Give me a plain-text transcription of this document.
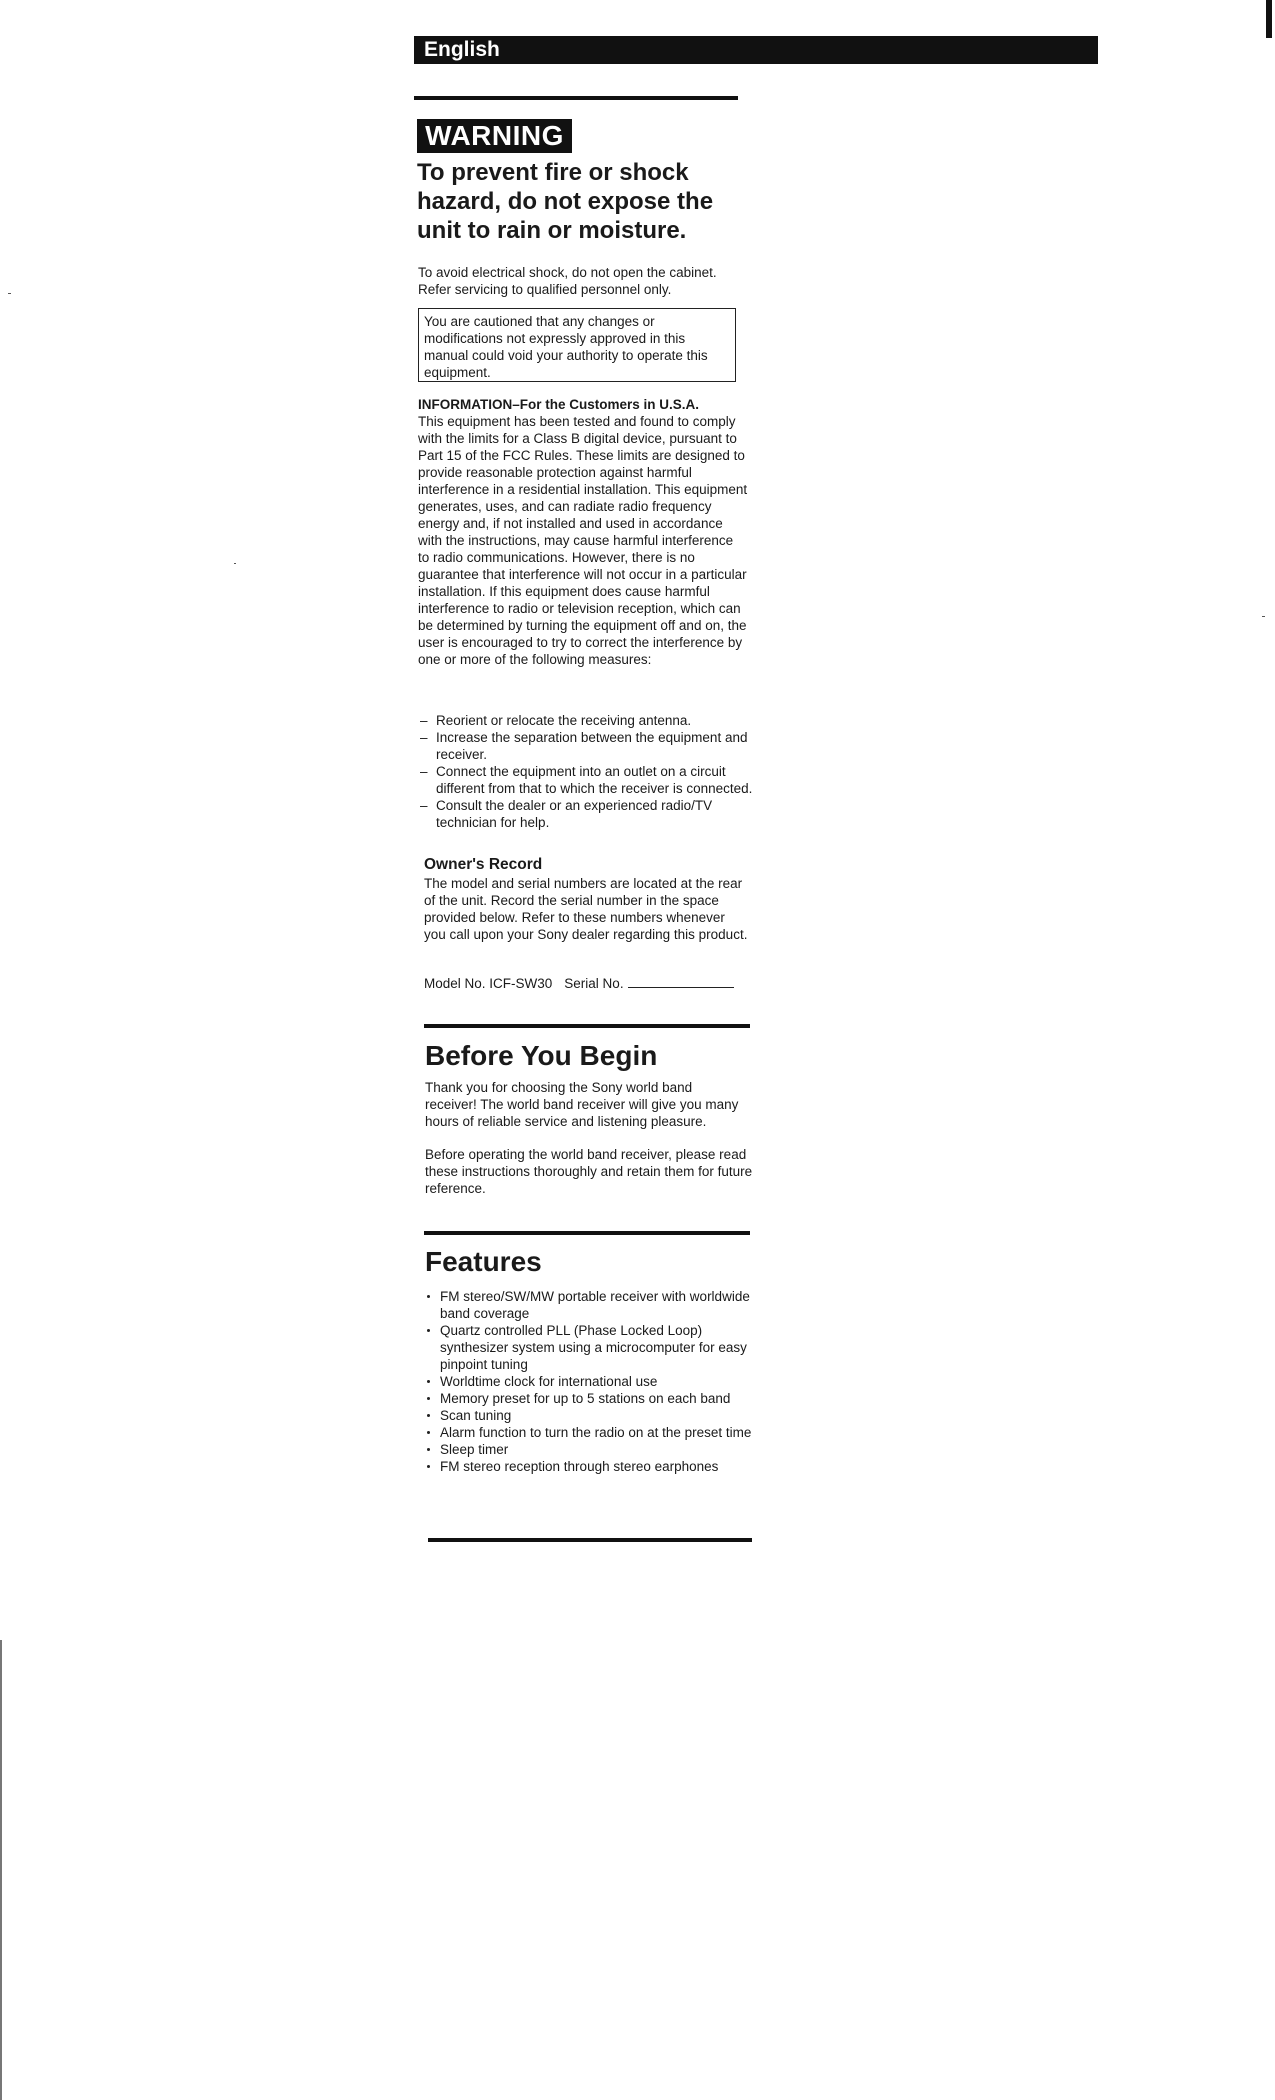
English
WARNING

To prevent fire or shock hazard, do not expose the unit to rain or moisture.

To avoid electrical shock, do not open the cabinet. Refer servicing to qualified personnel only.

You are cautioned that any changes or modifications not expressly approved in this manual could void your authority to operate this equipment.

INFORMATION–For the Customers in U.S.A.

This equipment has been tested and found to comply with the limits for a Class B digital device, pursuant to Part 15 of the FCC Rules. These limits are designed to provide reasonable protection against harmful interference in a residential installation. This equipment generates, uses, and can radiate radio frequency energy and, if not installed and used in accordance with the instructions, may cause harmful interference to radio communications. However, there is no guarantee that interference will not occur in a particular installation. If this equipment does cause harmful interference to radio or television reception, which can be determined by turning the equipment off and on, the user is encouraged to try to correct the interference by one or more of the following measures:

– Reorient or relocate the receiving antenna.
– Increase the separation between the equipment and receiver.
– Connect the equipment into an outlet on a circuit different from that to which the receiver is connected.
– Consult the dealer or an experienced radio/TV technician for help.
Owner's Record

The model and serial numbers are located at the rear of the unit. Record the serial number in the space provided below. Refer to these numbers whenever you call upon your Sony dealer regarding this product.

Model No. ICF-SW30 Serial No.
Before You Begin

Thank you for choosing the Sony world band receiver! The world band receiver will give you many hours of reliable service and listening pleasure.

Before operating the world band receiver, please read these instructions thoroughly and retain them for future reference.

Features
FM stereo/SW/MW portable receiver with worldwide band coverage
Quartz controlled PLL (Phase Locked Loop) synthesizer system using a microcomputer for easy pinpoint tuning
Worldtime clock for international use
Memory preset for up to 5 stations on each band
Scan tuning
Alarm function to turn the radio on at the preset time
Sleep timer
FM stereo reception through stereo earphones
